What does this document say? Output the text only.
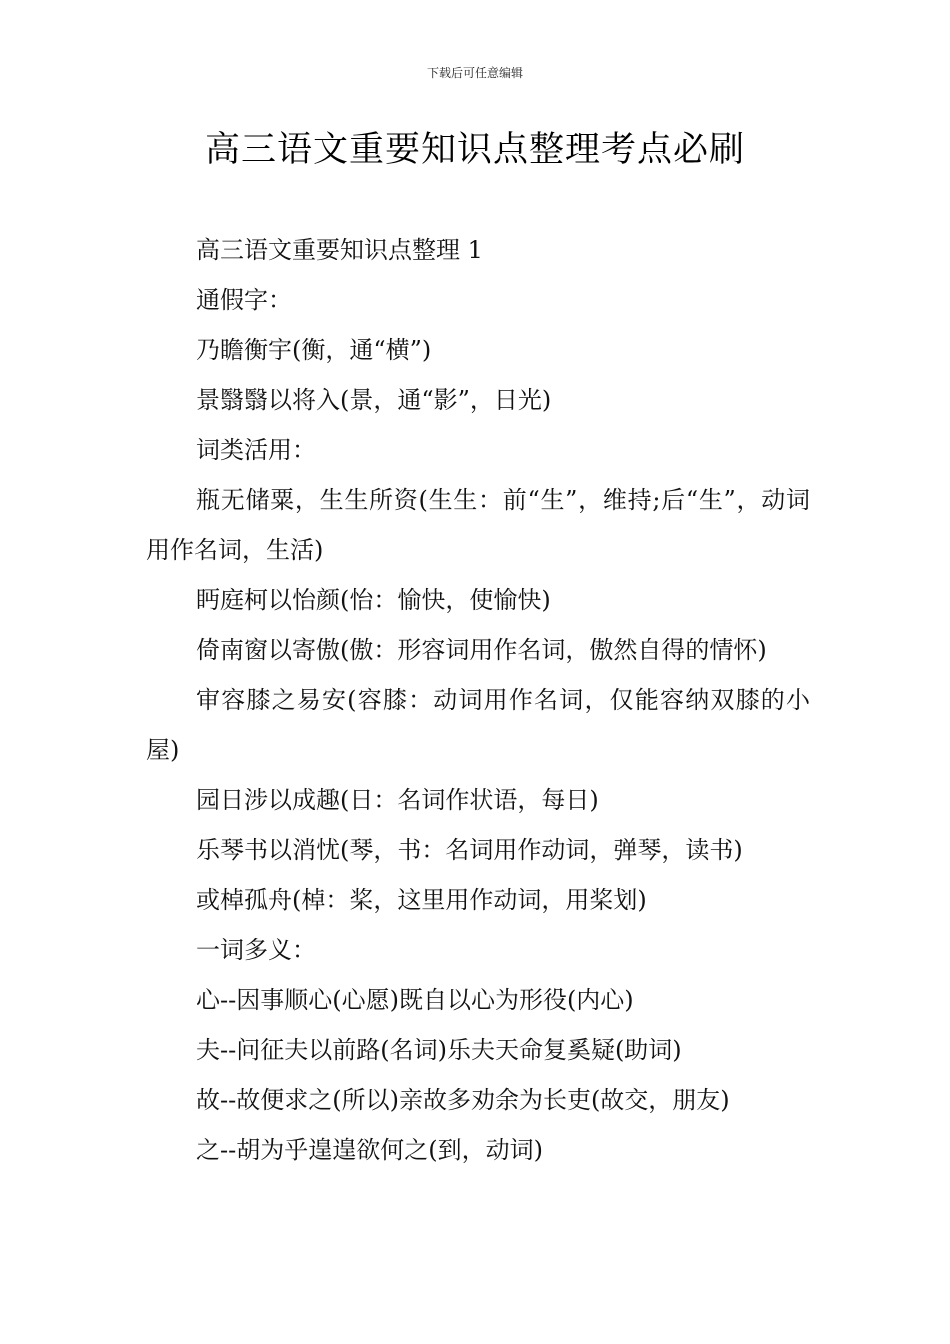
下载后可任意编辑
高三语文重要知识点整理考点必刷

高三语文重要知识点整理 1

通假字：

乃瞻衡宇(衡，通“横”)

景翳翳以将入(景，通“影”，日光)

词类活用：

瓶无储粟，生生所资(生生：前“生”，维持;后“生”，动词用作名词，生活)

眄庭柯以怡颜(怡：愉快，使愉快)

倚南窗以寄傲(傲：形容词用作名词，傲然自得的情怀)

审容膝之易安(容膝：动词用作名词，仅能容纳双膝的小屋)

园日涉以成趣(日：名词作状语，每日)

乐琴书以消忧(琴，书：名词用作动词，弹琴，读书)

或棹孤舟(棹：桨，这里用作动词，用桨划)

一词多义：

心--因事顺心(心愿)既自以心为形役(内心)

夫--问征夫以前路(名词)乐夫天命复奚疑(助词)

故--故便求之(所以)亲故多劝余为长吏(故交，朋友)

之--胡为乎遑遑欲何之(到，动词)
